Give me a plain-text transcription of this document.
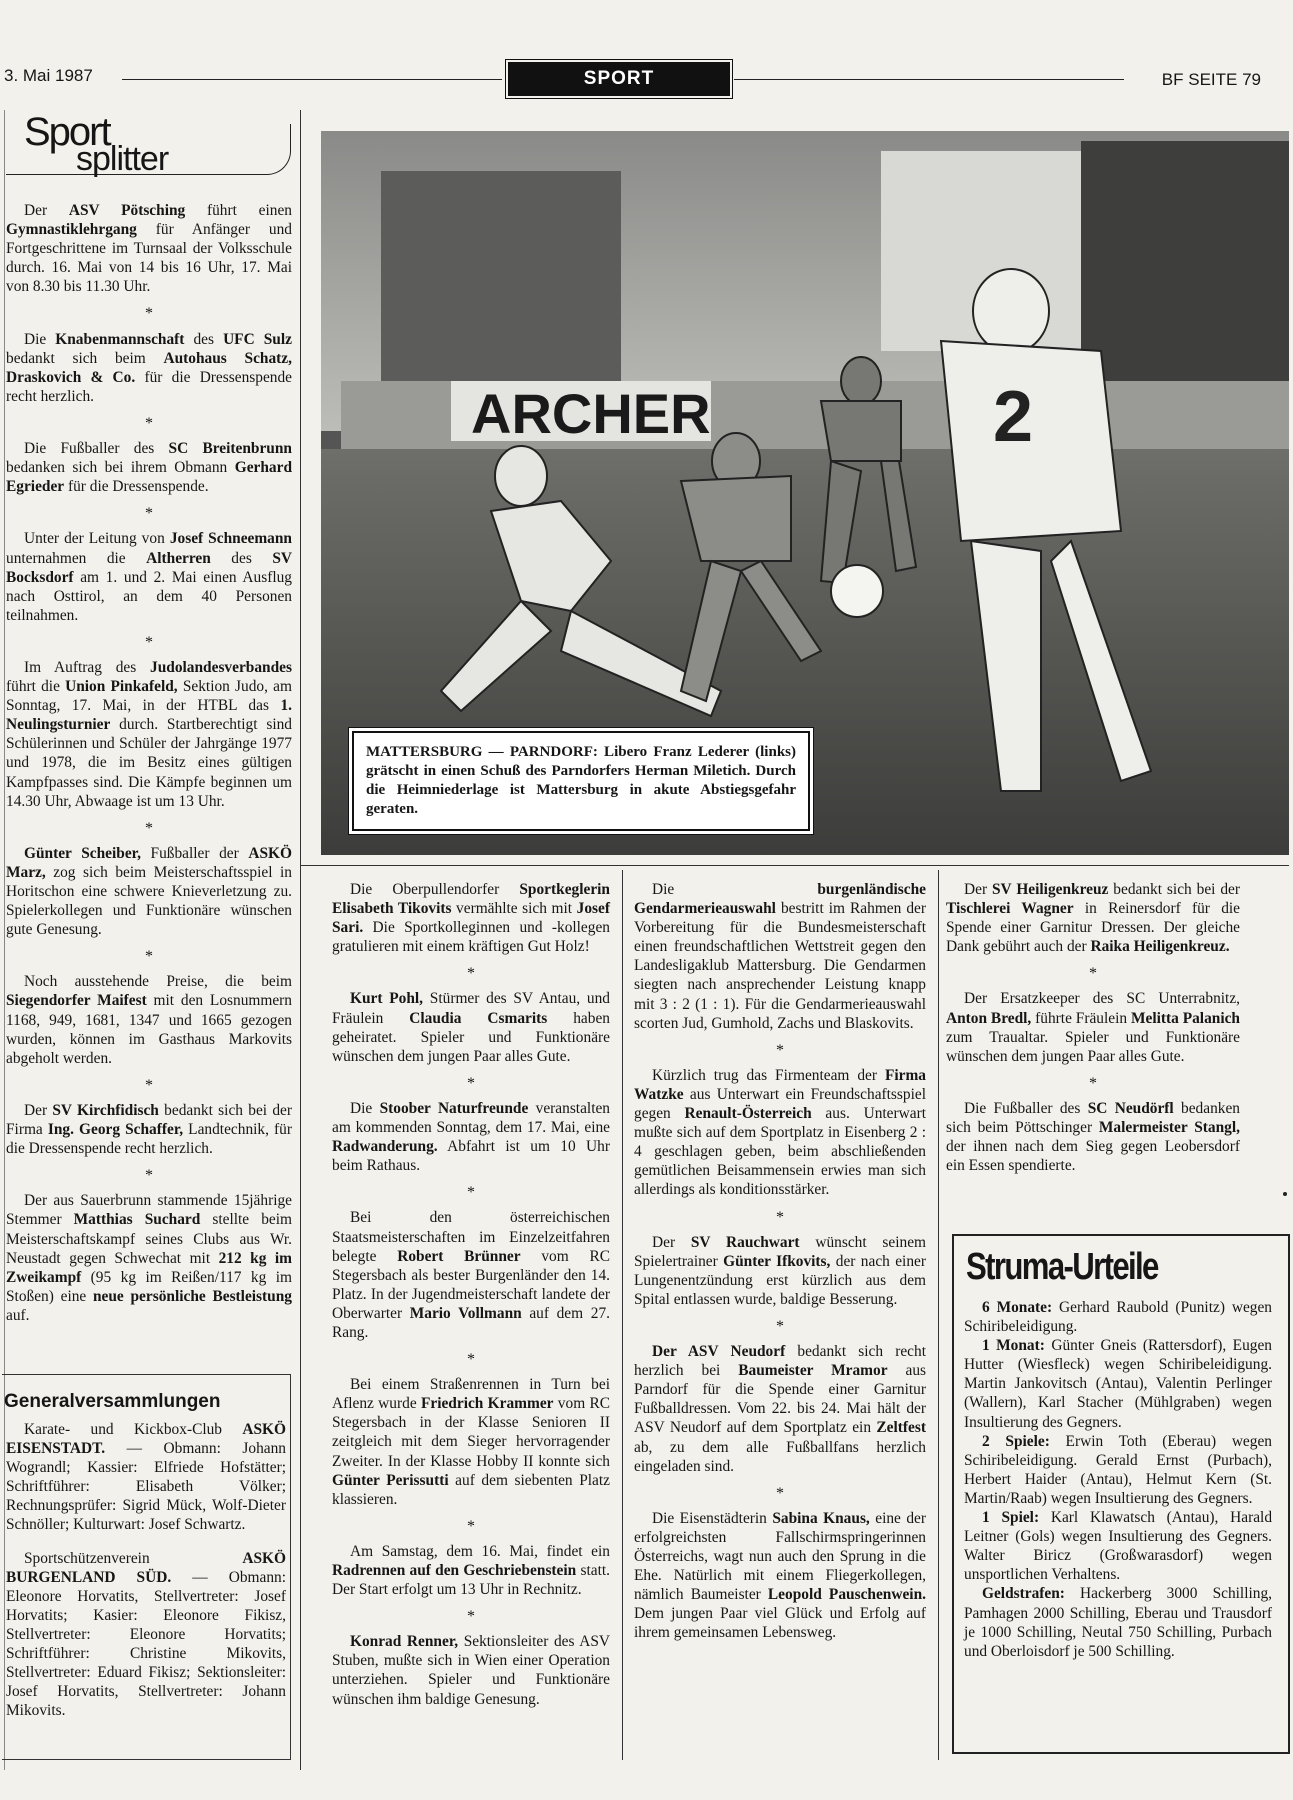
3. Mai 1987	SPORT	BF SEITE 79
Sport
splitter

Der ASV Pötsching führt einen Gymnastiklehrgang für Anfänger und Fortgeschrittene im Turnsaal der Volksschule durch. 16. Mai von 14 bis 16 Uhr, 17. Mai von 8.30 bis 11.30 Uhr.

*

Die Knabenmannschaft des UFC Sulz bedankt sich beim Autohaus Schatz, Draskovich & Co. für die Dressenspende recht herzlich.

*

Die Fußballer des SC Breitenbrunn bedanken sich bei ihrem Obmann Gerhard Egrieder für die Dressenspende.

*

Unter der Leitung von Josef Schneemann unternahmen die Altherren des SV Bocksdorf am 1. und 2. Mai einen Ausflug nach Osttirol, an dem 40 Personen teilnahmen.

*

Im Auftrag des Judolandesverbandes führt die Union Pinkafeld, Sektion Judo, am Sonntag, 17. Mai, in der HTBL das 1. Neulingsturnier durch. Startberechtigt sind Schülerinnen und Schüler der Jahrgänge 1977 und 1978, die im Besitz eines gültigen Kampfpasses sind. Die Kämpfe beginnen um 14.30 Uhr, Abwaage ist um 13 Uhr.

*

Günter Scheiber, Fußballer der ASKÖ Marz, zog sich beim Meisterschaftsspiel in Horitschon eine schwere Knieverletzung zu. Spielerkollegen und Funktionäre wünschen gute Genesung.

*

Noch ausstehende Preise, die beim Siegendorfer Maifest mit den Losnummern 1168, 949, 1681, 1347 und 1665 gezogen wurden, können im Gasthaus Markovits abgeholt werden.

*

Der SV Kirchfidisch bedankt sich bei der Firma Ing. Georg Schaffer, Landtechnik, für die Dressenspende recht herzlich.

*

Der aus Sauerbrunn stammende 15jährige Stemmer Matthias Suchard stellte beim Meisterschaftskampf seines Clubs aus Wr. Neustadt gegen Schwechat mit 212 kg im Zweikampf (95 kg im Reißen/117 kg im Stoßen) eine neue persönliche Bestleistung auf.

Generalversammlungen

Karate- und Kickbox-Club ASKÖ EISENSTADT. — Obmann: Johann Wograndl; Kassier: Elfriede Hofstätter; Schriftführer: Elisabeth Völker; Rechnungsprüfer: Sigrid Mück, Wolf-Dieter Schnöller; Kulturwart: Josef Schwartz.

Sportschützenverein ASKÖ BURGENLAND SÜD. — Obmann: Eleonore Horvatits, Stellvertreter: Josef Horvatits; Kasier: Eleonore Fikisz, Stellvertreter: Eleonore Horvatits; Schriftführer: Christine Mikovits, Stellvertreter: Eduard Fikisz; Sektionsleiter: Josef Horvatits, Stellvertreter: Johann Mikovits.

ARCHER	2
MATTERSBURG — PARNDORF: Libero Franz Lederer (links) grätscht in einen Schuß des Parndorfers Herman Miletich. Durch die Heimniederlage ist Mattersburg in akute Abstiegsgefahr geraten.

Die Oberpullendorfer Sportkeglerin Elisabeth Tikovits vermählte sich mit Josef Sari. Die Sportkolleginnen und -kollegen gratulieren mit einem kräftigen Gut Holz!

*

Kurt Pohl, Stürmer des SV Antau, und Fräulein Claudia Csmarits haben geheiratet. Spieler und Funktionäre wünschen dem jungen Paar alles Gute.

*

Die Stoober Naturfreunde veranstalten am kommenden Sonntag, dem 17. Mai, eine Radwanderung. Abfahrt ist um 10 Uhr beim Rathaus.

*

Bei den österreichischen Staatsmeisterschaften im Einzelzeitfahren belegte Robert Brünner vom RC Stegersbach als bester Burgenländer den 14. Platz. In der Jugendmeisterschaft landete der Oberwarter Mario Vollmann auf dem 27. Rang.

*

Bei einem Straßenrennen in Turn bei Aflenz wurde Friedrich Krammer vom RC Stegersbach in der Klasse Senioren II zeitgleich mit dem Sieger hervorragender Zweiter. In der Klasse Hobby II konnte sich Günter Perissutti auf dem siebenten Platz klassieren.

*

Am Samstag, dem 16. Mai, findet ein Radrennen auf den Geschriebenstein statt. Der Start erfolgt um 13 Uhr in Rechnitz.

*

Konrad Renner, Sektionsleiter des ASV Stuben, mußte sich in Wien einer Operation unterziehen. Spieler und Funktionäre wünschen ihm baldige Genesung.

Die burgenländische Gendarmerieauswahl bestritt im Rahmen der Vorbereitung für die Bundesmeisterschaft einen freundschaftlichen Wettstreit gegen den Landesligaklub Mattersburg. Die Gendarmen siegten nach ansprechender Leistung knapp mit 3 : 2 (1 : 1). Für die Gendarmerieauswahl scorten Jud, Gumhold, Zachs und Blaskovits.

*

Kürzlich trug das Firmenteam der Firma Watzke aus Unterwart ein Freundschaftsspiel gegen Renault-Österreich aus. Unterwart mußte sich auf dem Sportplatz in Eisenberg 2 : 4 geschlagen geben, beim abschließenden gemütlichen Beisammensein erwies man sich allerdings als konditionsstärker.

*

Der SV Rauchwart wünscht seinem Spielertrainer Günter Ifkovits, der nach einer Lungenentzündung erst kürzlich aus dem Spital entlassen wurde, baldige Besserung.

*

Der ASV Neudorf bedankt sich recht herzlich bei Baumeister Mramor aus Parndorf für die Spende einer Garnitur Fußballdressen. Vom 22. bis 24. Mai hält der ASV Neudorf auf dem Sportplatz ein Zeltfest ab, zu dem alle Fußballfans herzlich eingeladen sind.

*

Die Eisenstädterin Sabina Knaus, eine der erfolgreichsten Fallschirmspringerinnen Österreichs, wagt nun auch den Sprung in die Ehe. Natürlich mit einem Fliegerkollegen, nämlich Baumeister Leopold Pauschenwein. Dem jungen Paar viel Glück und Erfolg auf ihrem gemeinsamen Lebensweg.

Der SV Heiligenkreuz bedankt sich bei der Tischlerei Wagner in Reinersdorf für die Spende einer Garnitur Dressen. Der gleiche Dank gebührt auch der Raika Heiligenkreuz.

*

Der Ersatzkeeper des SC Unterrabnitz, Anton Bredl, führte Fräulein Melitta Palanich zum Traualtar. Spieler und Funktionäre wünschen dem jungen Paar alles Gute.

*

Die Fußballer des SC Neudörfl bedanken sich beim Pöttschinger Malermeister Stangl, der ihnen nach dem Sieg gegen Leobersdorf ein Essen spendierte.

Struma-Urteile

6 Monate: Gerhard Raubold (Punitz) wegen Schiribeleidigung.

1 Monat: Günter Gneis (Rattersdorf), Eugen Hutter (Wiesfleck) wegen Schiribeleidigung. Martin Jankovitsch (Antau), Valentin Perlinger (Wallern), Karl Stacher (Mühlgraben) wegen Insultierung des Gegners.

2 Spiele: Erwin Toth (Eberau) wegen Schiribeleidigung. Gerald Ernst (Purbach), Herbert Haider (Antau), Helmut Kern (St. Martin/Raab) wegen Insultierung des Gegners.

1 Spiel: Karl Klawatsch (Antau), Harald Leitner (Gols) wegen Insultierung des Gegners. Walter Biricz (Großwarasdorf) wegen unsportlichen Verhaltens.

Geldstrafen: Hackerberg 3000 Schilling, Pamhagen 2000 Schilling, Eberau und Trausdorf je 1000 Schilling, Neutal 750 Schilling, Purbach und Oberloisdorf je 500 Schilling.
